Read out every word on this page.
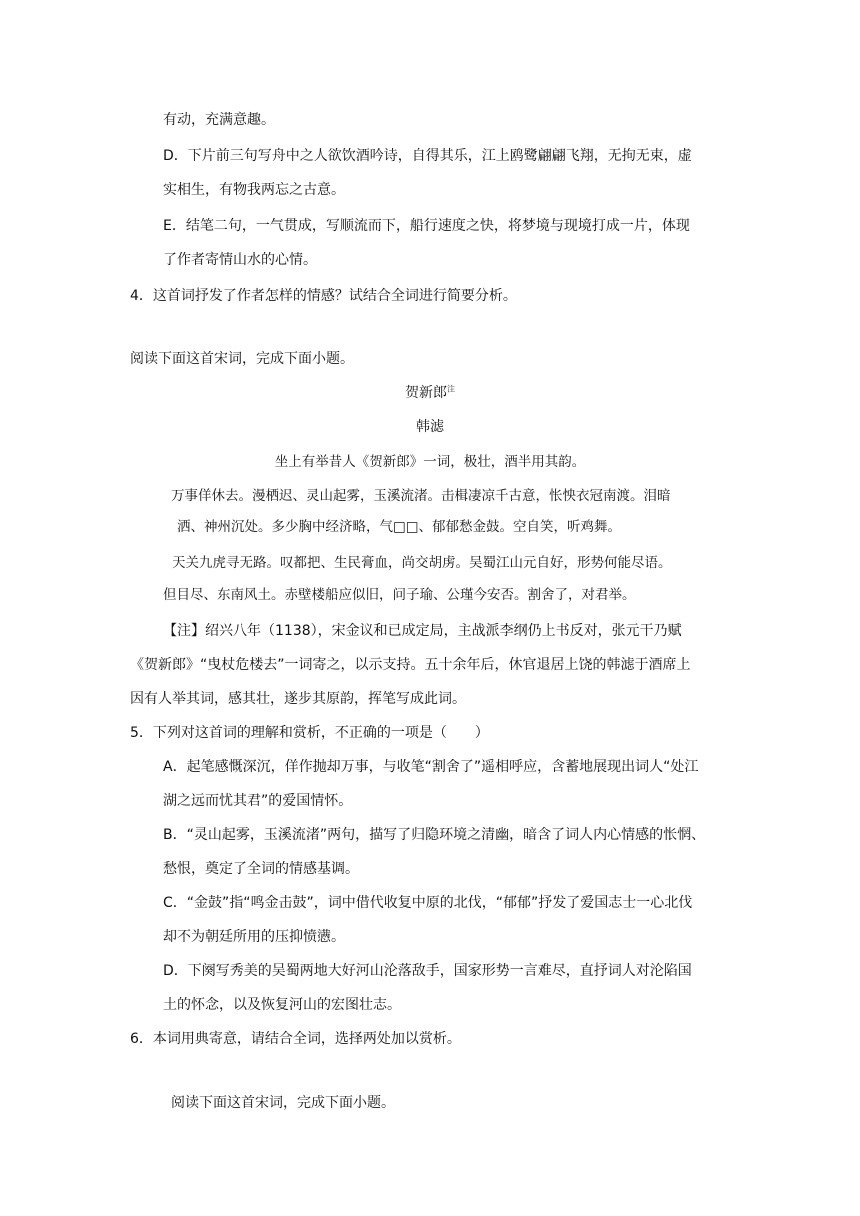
有动，充满意趣。
D．下片前三句写舟中之人欲饮酒吟诗，自得其乐，江上鸥鹭翩翩飞翔，无拘无束，虚
实相生，有物我两忘之古意。
E．结笔二句，一气贯成，写顺流而下，船行速度之快，将梦境与现境打成一片，体现
了作者寄情山水的心情。
4．这首词抒发了作者怎样的情感？试结合全词进行简要分析。
阅读下面这首宋词，完成下面小题。
贺新郎$^注$
韩滤
坐上有举昔人《贺新郎》一词，极壮，酒半用其韵。
万事佯休去。漫栖迟、灵山起雾，玉溪流渚。击楫凄凉千古意，怅怏衣冠南渡。泪暗
洒、神州沉处。多少胸中经济略，气□□、郁郁愁金鼓。空自笑，听鸡舞。
天关九虎寻无路。叹都把、生民膏血，尚交胡虏。吴蜀江山元自好，形势何能尽语。
但目尽、东南风土。赤壁楼船应似旧，问子瑜、公瑾今安否。割舍了，对君举。
【注】绍兴八年（1138），宋金议和已成定局，主战派李纲仍上书反对，张元干乃赋
《贺新郎》“曳杖危楼去”一词寄之，以示支持。五十余年后，休官退居上饶的韩滤于酒席上
因有人举其词，感其壮，遂步其原韵，挥笔写成此词。
5．下列对这首词的理解和赏析，不正确的一项是（　　）
A．起笔感慨深沉，佯作抛却万事，与收笔“割舍了”遥相呼应，含蓄地展现出词人“处江
湖之远而忧其君”的爱国情怀。
B．“灵山起雾，玉溪流渚”两句，描写了归隐环境之清幽，暗含了词人内心情感的怅惘、
愁恨，奠定了全词的情感基调。
C．“金鼓”指“鸣金击鼓”，词中借代收复中原的北伐，“郁郁”抒发了爱国志士一心北伐
却不为朝廷所用的压抑愤懑。
D．下阕写秀美的吴蜀两地大好河山沦落敌手，国家形势一言难尽，直抒词人对沦陷国
土的怀念，以及恢复河山的宏图壮志。
6．本词用典寄意，请结合全词，选择两处加以赏析。
阅读下面这首宋词，完成下面小题。
